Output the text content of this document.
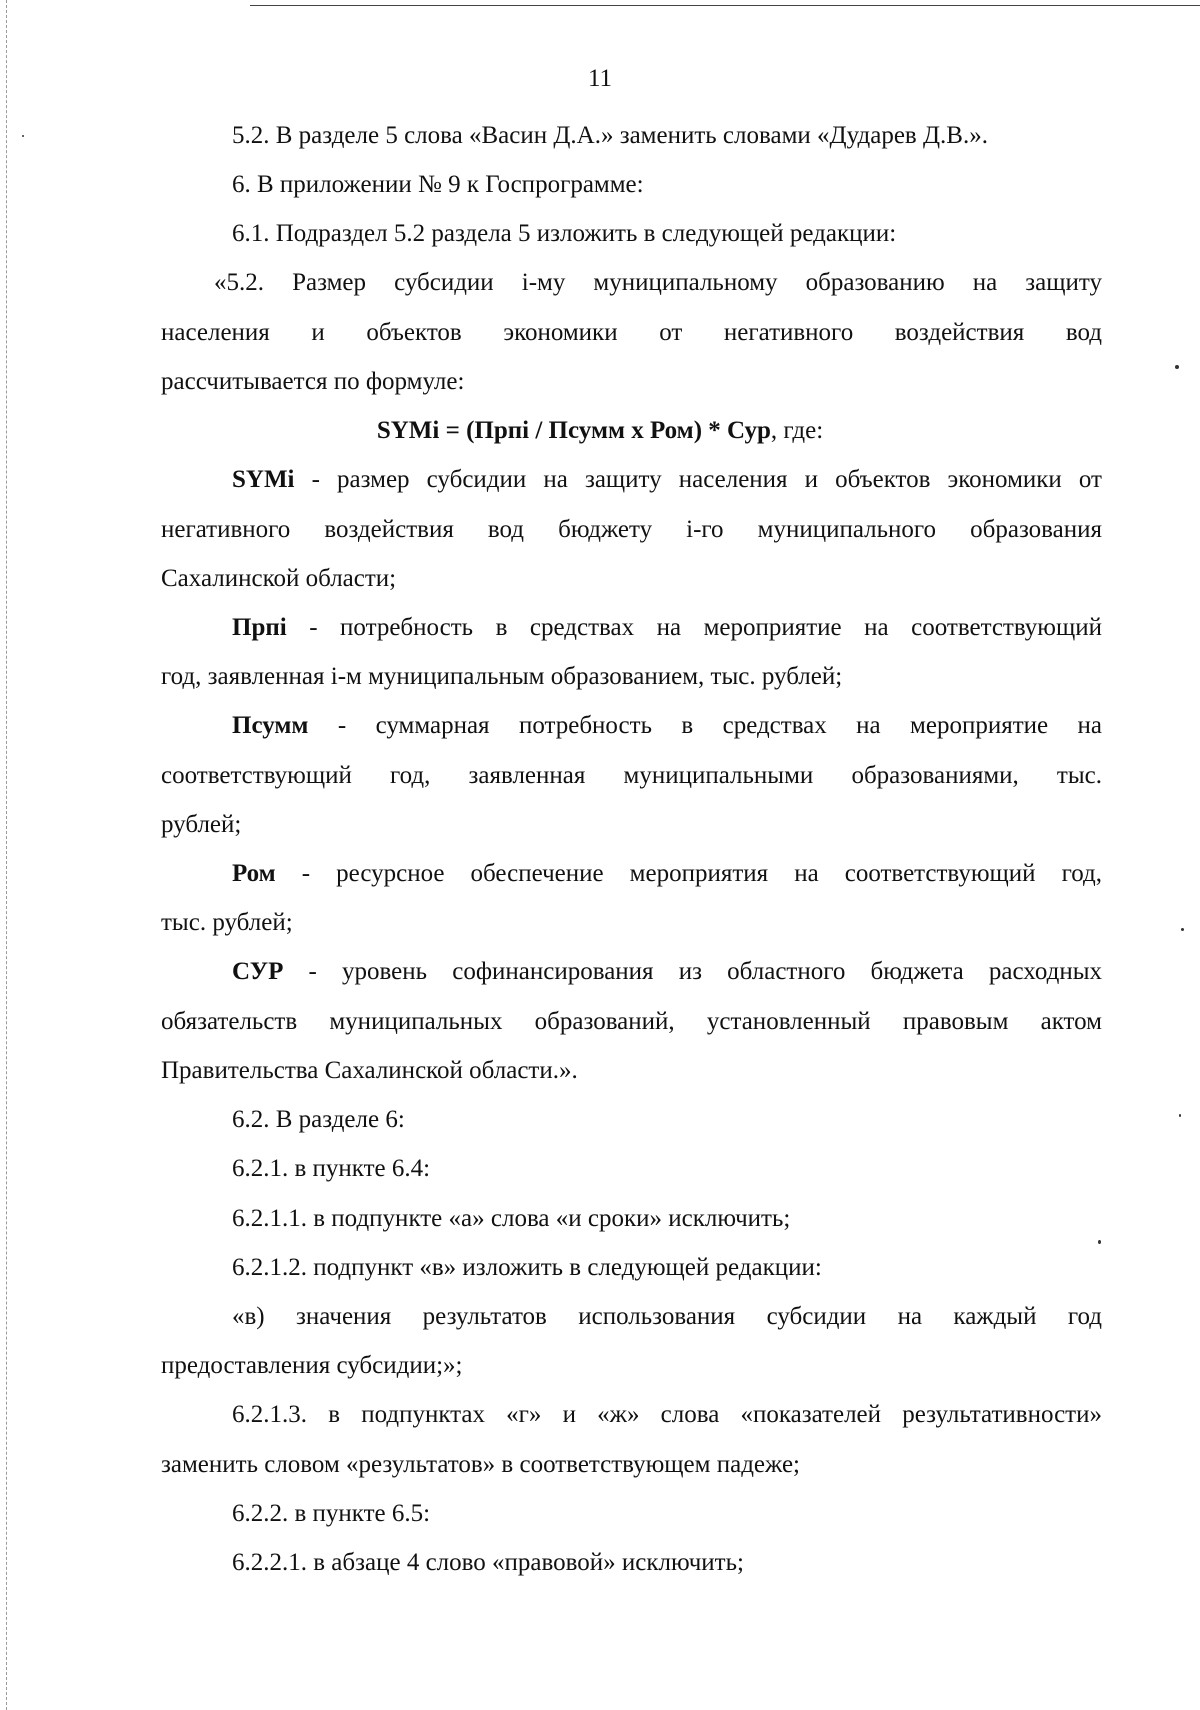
11
5.2. В разделе 5 слова «Васин Д.А.» заменить словами «Дударев Д.В.».
6. В приложении № 9 к Госпрограмме:
6.1. Подраздел 5.2 раздела 5 изложить в следующей редакции:
«5.2. Размер субсидии i-му муниципальному образованию на защиту
населения и объектов экономики от негативного воздействия вод
рассчитывается по формуле:
SYMi = (Прпi / Псумм х Ром) * Сур, где:
SYMi - размер субсидии на защиту населения и объектов экономики от
негативного воздействия вод бюджету i-го муниципального образования
Сахалинской области;
Прпi - потребность в средствах на мероприятие на соответствующий
год, заявленная i-м муниципальным образованием, тыс. рублей;
Псумм - суммарная потребность в средствах на мероприятие на
соответствующий год, заявленная муниципальными образованиями, тыс.
рублей;
Ром - ресурсное обеспечение мероприятия на соответствующий год,
тыс. рублей;
СУР - уровень софинансирования из областного бюджета расходных
обязательств муниципальных образований, установленный правовым актом
Правительства Сахалинской области.».
6.2. В разделе 6:
6.2.1. в пункте 6.4:
6.2.1.1. в подпункте «а» слова «и сроки» исключить;
6.2.1.2. подпункт «в» изложить в следующей редакции:
«в) значения результатов использования субсидии на каждый год
предоставления субсидии;»;
6.2.1.3. в подпунктах «г» и «ж» слова «показателей результативности»
заменить словом «результатов» в соответствующем падеже;
6.2.2. в пункте 6.5:
6.2.2.1. в абзаце 4 слово «правовой» исключить;
